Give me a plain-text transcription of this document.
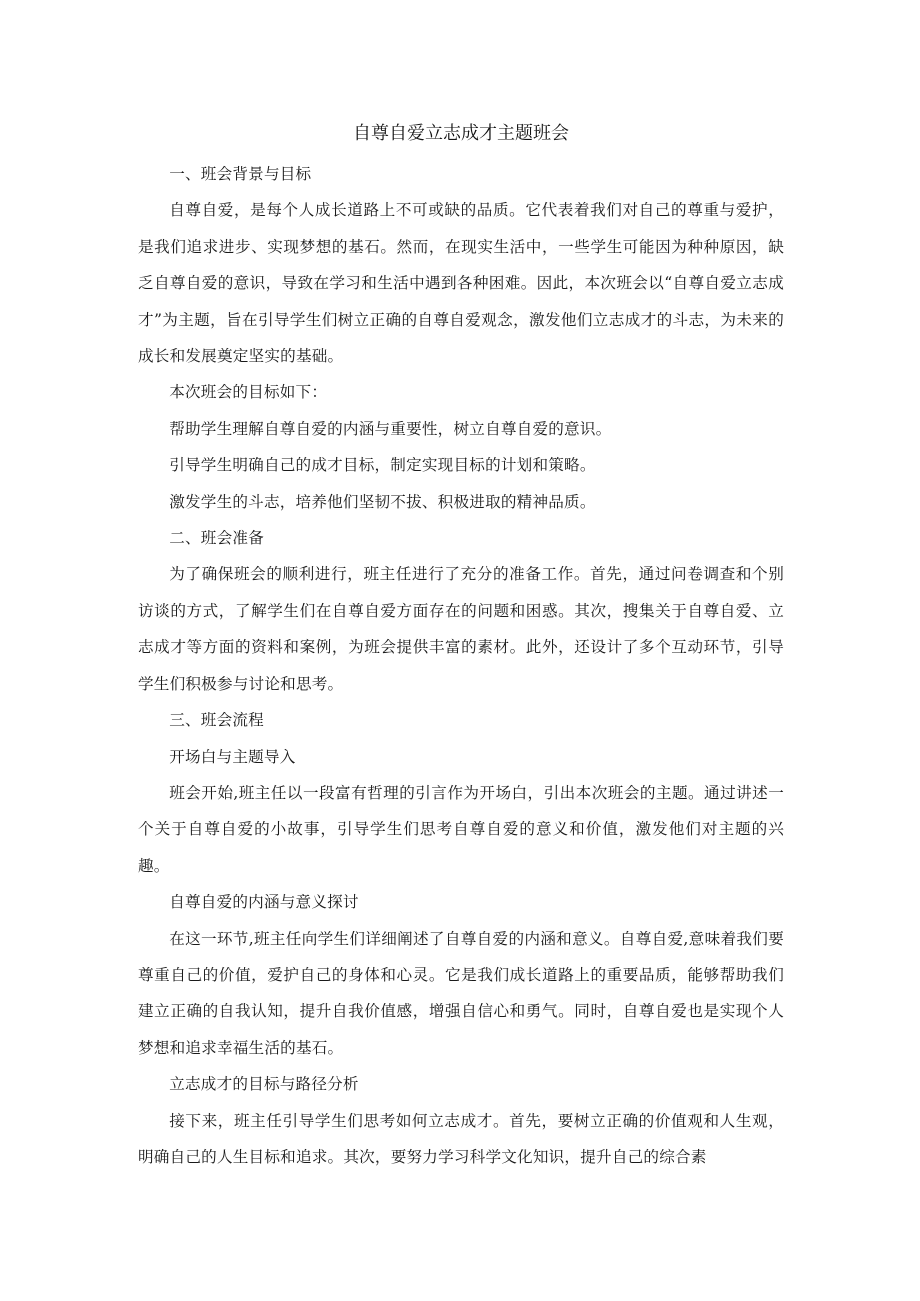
自尊自爱立志成才主题班会

一、班会背景与目标

自尊自爱，是每个人成长道路上不可或缺的品质。它代表着我们对自己的尊重与爱护，是我们追求进步、实现梦想的基石。然而，在现实生活中，一些学生可能因为种种原因，缺乏自尊自爱的意识，导致在学习和生活中遇到各种困难。因此，本次班会以“自尊自爱立志成才”为主题，旨在引导学生们树立正确的自尊自爱观念，激发他们立志成才的斗志，为未来的成长和发展奠定坚实的基础。

本次班会的目标如下：

帮助学生理解自尊自爱的内涵与重要性，树立自尊自爱的意识。

引导学生明确自己的成才目标，制定实现目标的计划和策略。

激发学生的斗志，培养他们坚韧不拔、积极进取的精神品质。

二、班会准备

为了确保班会的顺利进行，班主任进行了充分的准备工作。首先，通过问卷调查和个别访谈的方式，了解学生们在自尊自爱方面存在的问题和困惑。其次，搜集关于自尊自爱、立志成才等方面的资料和案例，为班会提供丰富的素材。此外，还设计了多个互动环节，引导学生们积极参与讨论和思考。

三、班会流程

开场白与主题导入

班会开始,班主任以一段富有哲理的引言作为开场白，引出本次班会的主题。通过讲述一个关于自尊自爱的小故事，引导学生们思考自尊自爱的意义和价值，激发他们对主题的兴趣。

自尊自爱的内涵与意义探讨

在这一环节,班主任向学生们详细阐述了自尊自爱的内涵和意义。自尊自爱,意味着我们要尊重自己的价值，爱护自己的身体和心灵。它是我们成长道路上的重要品质，能够帮助我们建立正确的自我认知，提升自我价值感，增强自信心和勇气。同时，自尊自爱也是实现个人梦想和追求幸福生活的基石。

立志成才的目标与路径分析

接下来，班主任引导学生们思考如何立志成才。首先，要树立正确的价值观和人生观，明确自己的人生目标和追求。其次，要努力学习科学文化知识，提升自己的综合素
